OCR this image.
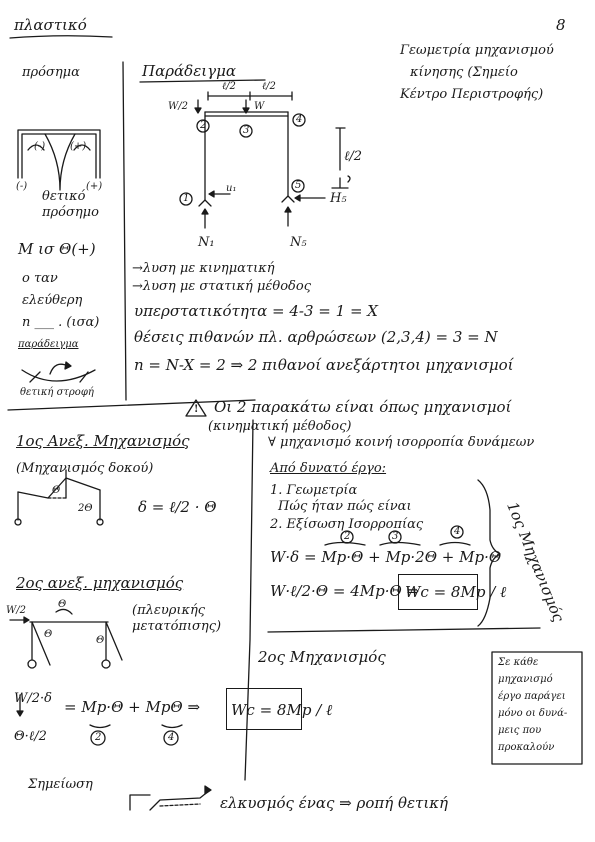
πλαστικό	8
πρόσημα
(-)	(+)
(-) (+)
θετικό
πρόσημο
M ισ Θ(+)
ο ταν
ελεύθερη
n ___ . (ισα)
παράδειγμα
θετική στροφή
Παράδειγμα
W/2	W
ℓ/2	ℓ/2
ℓ/2
u₁
H₅
N₁	N₅
2	3
4
1
5
Γεωμετρία μηχανισμού
κίνησης (Σημείο
Κέντρο Περιστροφής)
→λυση με κινηματική
→λυση με στατική μέθοδος
υπερστατικότητα = 4-3 = 1 = X
θέσεις πιθανών πλ. αρθρώσεων (2,3,4) = 3 = N
n = N-X = 2 ⇒ 2 πιθανοί ανεξάρτητοι μηχανισμοί
! Οι 2 παρακάτω είναι όπως μηχανισμοί
(κινηματική μέθοδος)
1ος Ανεξ. Μηχανισμός
(Μηχανισμός δοκού)
2Θ
Θ
δ = ℓ/2 · Θ
∀ μηχανισμό κοινή ισορροπία δυνάμεων
Από δυνατό έργο:
1. Γεωμετρία
Πώς ήταν πώς είναι
2. Εξίσωση Ισορροπίας
2	3	4
W·δ = Mp·Θ + Mp·2Θ + Mp·Θ
W·ℓ/2·Θ = 4Mp·Θ ⇒
Wc = 8Mp / ℓ
1ος Μηχανισμός
2ος ανεξ. μηχανισμός
(πλευρικής
μετατόπισης)
W/2
Θ
Θ
Θ
2ος Μηχανισμός
W/2·δ = Mp·Θ + MpΘ ⇒ Wc = 8Mp / ℓ
2	4
Θ·ℓ/2
Σε κάθε
μηχανισμό
έργο παράγει
μόνο οι δυνά-
μεις που
προκαλούν
Σημείωση
ελκυσμός ένας ⇒ ροπή θετική
